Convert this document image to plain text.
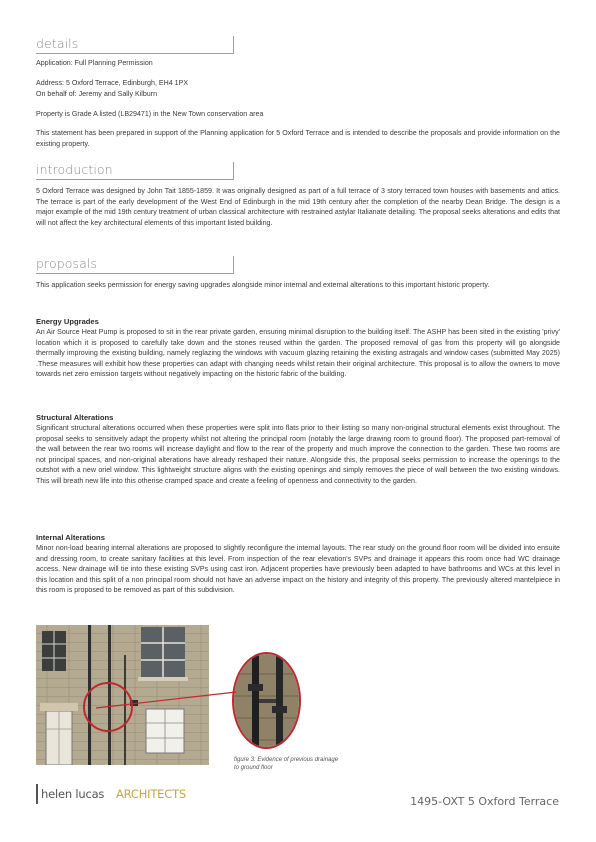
details

Application: Full Planning Permission

Address: 5 Oxford Terrace, Edinburgh, EH4 1PX

On behalf of: Jeremy and Sally Kilburn

Property is Grade A listed (LB29471) in the New Town conservation area

This statement has been prepared in support of the Planning application for 5 Oxford Terrace and is intended to describe the proposals and provide information on the existing property.

introduction

5 Oxford Terrace was designed by John Tait 1855-1859. It was originally designed as part of a full terrace of 3 story terraced town houses with basements and attics. The terrace is part of the early development of the West End of Edinburgh in the mid 19th century after the completion of the nearby Dean Bridge. The design is a major example of the mid 19th century treatment of urban classical architecture with restrained astylar Italianate detailing. The proposal seeks alterations and edits that will not affect the key architectural elements of this important listed building.

proposals

This application seeks permission for energy saving upgrades alongside minor internal and external alterations to this important historic property.

Energy Upgrades

An Air Source Heat Pump is proposed to sit in the rear private garden, ensuring minimal disruption to the building itself. The ASHP has been sited in the existing 'privy' location which it is proposed to carefully take down and the stones reused within the garden. The proposed removal of gas from this property will go alongside thermally improving the existing building, namely reglazing the windows with vacuum glazing retaining the existing astragals and window cases (submitted May 2025) .These measures will exhibit how these properties can adapt with changing needs whilst retain their original architecture. This proposal is to allow the owners to move towards net zero emission targets without negatively impacting on the historic fabric of the building.

Structural Alterations

Significant structural alterations occurred when these properties were split into flats prior to their listing so many non-original structural elements exist throughout. The proposal seeks to sensitively adapt the property whilst not altering the principal room (notably the large drawing room to ground floor). The proposed part-removal of the wall between the rear two rooms will increase daylight and flow to the rear of the property and much improve the connection to the garden. These two rooms are not principal spaces, and non-original alterations have already reshaped their nature. Alongside this, the proposal seeks permission to increase the openings to the outshot with a new oriel window. This lightweight structure aligns with the existing openings and simply removes the piece of wall between the two existing windows. This will breath new life into this otherise cramped space and create a feeling of openness and connectivity to the garden.

Internal Alterations

Minor non-load bearing internal alterations are proposed to slightly reconfigure the internal layouts. The rear study on the ground floor room will be divided into ensuite and dressing room, to create sanitary facilities at this level. From inspection of the rear elevation's SVPs and drainage it appears this room once had WC drainage access. New drainage will tie into these existing SVPs using cast iron. Adjacent properties have previously been adapted to have bathrooms and WCs at this level in this location and this split of a non principal room should not have an adverse impact on the history and integrity of this property. The previously altered mantelpiece in this room is proposed to be removed as part of this subdivision.

figure 3: Evidence of previous drainage to ground floor
helen lucas ARCHITECTS
1495-OXT 5 Oxford Terrace
